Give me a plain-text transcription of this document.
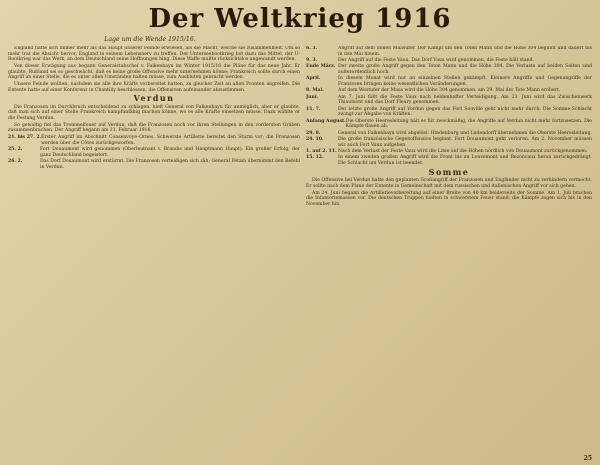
Der Weltkrieg 1916
Lage um die Wende 1915/16.

England hatte sich immer mehr als das Haupt unserer Feinde erwiesen, als die Macht, welche sie zusammenhielt. Um so mehr trat die Absicht hervor, England in seinem Lebensnerv zu treffen. Der Unterseebootkrieg bot dazu das Mittel, der U-Bootkrieg war das Werk, an dem Deutschland seine Hoffnungen hing. Diese Waffe mußte rücksichtslos angewandt werden.

Von dieser Erwägung aus begann Generalstabschef v. Falkenhayn im Winter 1915/16 die Pläne für das neue Jahr. Er glaubte, Rußland sei so geschwächt, daß es keine große Offensive mehr unternehmen könne; Frankreich sollte durch einen Angriff an einer Stelle, die es unter allen Umständen halten müsse, zum Ausbluten gebracht werden.

Unsere Feinde wollten, nachdem sie alle ihre Kräfte vorbereitet hatten, zu gleicher Zeit an allen Fronten angreifen. Die Entente hatte auf einer Konferenz in Chantilly beschlossen, die Offensiven aufeinander abzustimmen.

Verdun

Die Franzosen im Durchbruch entscheidend zu schlagen, hielt General von Falkenhayn für unmöglich, aber er glaubte, daß man sich auf einer Stelle Frankreich kampfunfähig machen könne, wo es alle Kräfte einsetzen müsse. Dazu wählte er die Festung Verdun.

So gewaltig fiel das Trommelfeuer auf Verdun, daß die Franzosen noch vor ihren Stellungen in den vordersten Gräben zusammenbrachen. Der Angriff begann am 21. Februar 1916.

21. bis 27. 2. Erster Angriff im Abschnitt Consenvoye–Ornes. Schwerste Artillerie bereitet den Sturm vor; die Franzosen werden über die Côtes zurückgeworfen.
25. 2.	Fort Douaumont wird genommen (Oberleutnant v. Brandis und Hauptmann Haupt). Ein großer Erfolg, der ganz Deutschland begeistert.
26. 2.	Das Dorf Douaumont wird erstürmt. Die Franzosen verteidigen sich zäh; General Pétain übernimmt den Befehl in Verdun.
6. 3.	Angriff auf dem linken Maasufer. Der Kampf um den Toten Mann und die Höhe 304 beginnt und dauert bis in den Mai hinein.
9. 3.	Der Angriff auf die Feste Vaux. Das Dorf Vaux wird genommen, die Feste hält stand.
Ende März. Der zweite große Angriff gegen den Toten Mann und die Höhe 304. Die Verluste auf beiden Seiten sind außerordentlich hoch.
April.	In diesem Monat wird nur an einzelnen Stellen gekämpft. Kleinere Angriffe und Gegenangriffe der Franzosen bringen keine wesentlichen Veränderungen.
8. Mai.	Auf dem Westufer der Maas wird die Höhe 304 genommen, am 29. Mai der Tote Mann erobert.
Juni.	Am 7. Juni fällt die Feste Vaux nach heldenhafter Verteidigung. Am 23. Juni wird das Zwischenwerk Thiaumont und das Dorf Fleury genommen.
11. 7.	Der letzte große Angriff auf Verdun gegen das Fort Souville geht nicht mehr durch. Die Somme-Schlacht zwingt zur Abgabe von Kräften.
Anfang August. Die Oberste Heeresleitung hält es für zweckmäßig, die Angriffe auf Verdun nicht mehr fortzusetzen. Die Kämpfe flauen ab.
29. 8.	General von Falkenhayn wird abgelöst. Hindenburg und Ludendorff übernehmen die Oberste Heeresleitung.
24. 10.	Die große französische Gegenoffensive beginnt. Fort Douaumont geht verloren. Am 2. November müssen wir auch Fort Vaux aufgeben.
1. auf 2. 11. Nach dem Verlust der Feste Vaux wird die Linie auf die Höhen nördlich von Douaumont zurückgenommen.
15. 12.	In einem zweiten großen Angriff wird die Front bis an Louvemont und Bezonvaux heran zurückgedrängt. Die Schlacht um Verdun ist beendet.
Somme

Die Offensive bei Verdun hatte den geplanten Großangriff der Franzosen und Engländer nicht zu verhindern vermocht. Er sollte nach dem Plane der Entente in Gemeinschaft mit dem russischen und italienischen Angriff vor sich gehen.

Am 24. Juni begann die Artillerievorbereitung auf einer Breite von 40 km beiderseits der Somme. Am 1. Juli brachen die Infanteriemassen vor. Die deutschen Truppen hielten in schwerstem Feuer stand; die Kämpfe zogen sich bis in den November hin.

25
